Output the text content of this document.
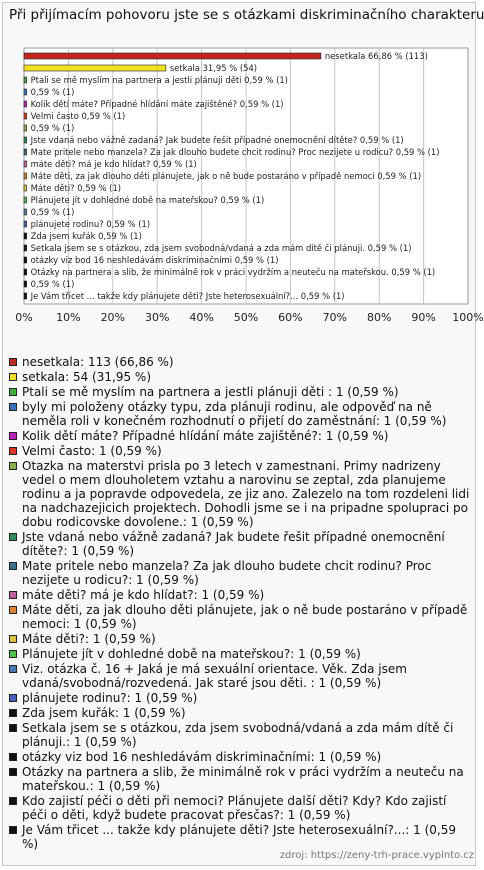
Při přijímacím pohovoru jste se s otázkami diskriminačního charakteru
0% 10% 20% 30% 40% 50% 60% 70% 80% 90% 100%
nesetkala 66,86 % (113)
setkala 31,95 % (54)
Ptali se mě myslím na partnera a jestli plánuji děti 0,59 % (1)
0,59 % (1)
Kolik dětí máte? Případné hlídání máte zajištěné? 0,59 % (1)
Velmi často 0,59 % (1)
0,59 % (1)
Jste vdaná nebo vážně zadaná? Jak budete řešit případné onemocnění dítěte? 0,59 % (1)
Mate pritele nebo manzela? Za jak dlouho budete chcit rodinu? Proc nezijete u rodicu? 0,59 % (1)
máte děti? má je kdo hlídat? 0,59 % (1)
Máte děti, za jak dlouho děti plánujete, jak o ně bude postaráno v případě nemoci 0,59 % (1)
Máte děti? 0,59 % (1)
Plánujete jít v dohledné době na mateřskou? 0,59 % (1)
0,59 % (1)
plánujete rodinu? 0,59 % (1)
Zda jsem kuřák 0,59 % (1)
Setkala jsem se s otázkou, zda jsem svobodná/vdaná a zda mám dítě či plánuji. 0,59 % (1)
otázky viz bod 16 neshledávám diskriminačními 0,59 % (1)
Otázky na partnera a slib, že minimálně rok v práci vydržím a neuteču na mateřskou. 0,59 % (1)
0,59 % (1)
Je Vám třicet ... takže kdy plánujete děti? Jste heterosexuální?... 0,59 % (1)
nesetkala: 113 (66,86 %)
setkala: 54 (31,95 %)
Ptali se mě myslím na partnera a jestli plánuji děti : 1 (0,59 %)
byly mi položeny otázky typu, zda plánuji rodinu, ale odpověď na ně neměla roli v konečném rozhodnutí o přijetí do zaměstnání: 1 (0,59 %)
Kolik dětí máte? Případné hlídání máte zajištěné?: 1 (0,59 %)
Velmi často: 1 (0,59 %)
Otazka na materstvi prisla po 3 letech v zamestnani. Primy nadrizeny vedel o mem dlouholetem vztahu a narovinu se zeptal, zda planujeme rodinu a ja popravde odpovedela, ze jiz ano. Zalezelo na tom rozdeleni lidi na nadchazejicich projektech. Dohodli jsme se i na pripadne spolupraci po dobu rodicovske dovolene.: 1 (0,59 %)
Jste vdaná nebo vážně zadaná? Jak budete řešit případné onemocnění dítěte?: 1 (0,59 %)
Mate pritele nebo manzela? Za jak dlouho budete chcit rodinu? Proc nezijete u rodicu?: 1 (0,59 %)
máte děti? má je kdo hlídat?: 1 (0,59 %)
Máte děti, za jak dlouho děti plánujete, jak o ně bude postaráno v případě nemoci: 1 (0,59 %)
Máte děti?: 1 (0,59 %)
Plánujete jít v dohledné době na mateřskou?: 1 (0,59 %)
Viz. otázka č. 16 + Jaká je má sexuální orientace. Věk. Zda jsem vdaná/svobodná/rozvedená. Jak staré jsou děti. : 1 (0,59 %)
plánujete rodinu?: 1 (0,59 %)
Zda jsem kuřák: 1 (0,59 %)
Setkala jsem se s otázkou, zda jsem svobodná/vdaná a zda mám dítě či plánuji.: 1 (0,59 %)
otázky viz bod 16 neshledávám diskriminačními: 1 (0,59 %)
Otázky na partnera a slib, že minimálně rok v práci vydržím a neuteču na mateřskou.: 1 (0,59 %)
Kdo zajistí péči o děti při nemoci? Plánujete další děti? Kdy? Kdo zajistí péči o děti, když budete pracovat přesčas?: 1 (0,59 %)
Je Vám třicet ... takže kdy plánujete děti? Jste heterosexuální?...: 1 (0,59 %)
zdroj: https://zeny-trh-prace.vyplnto.cz
